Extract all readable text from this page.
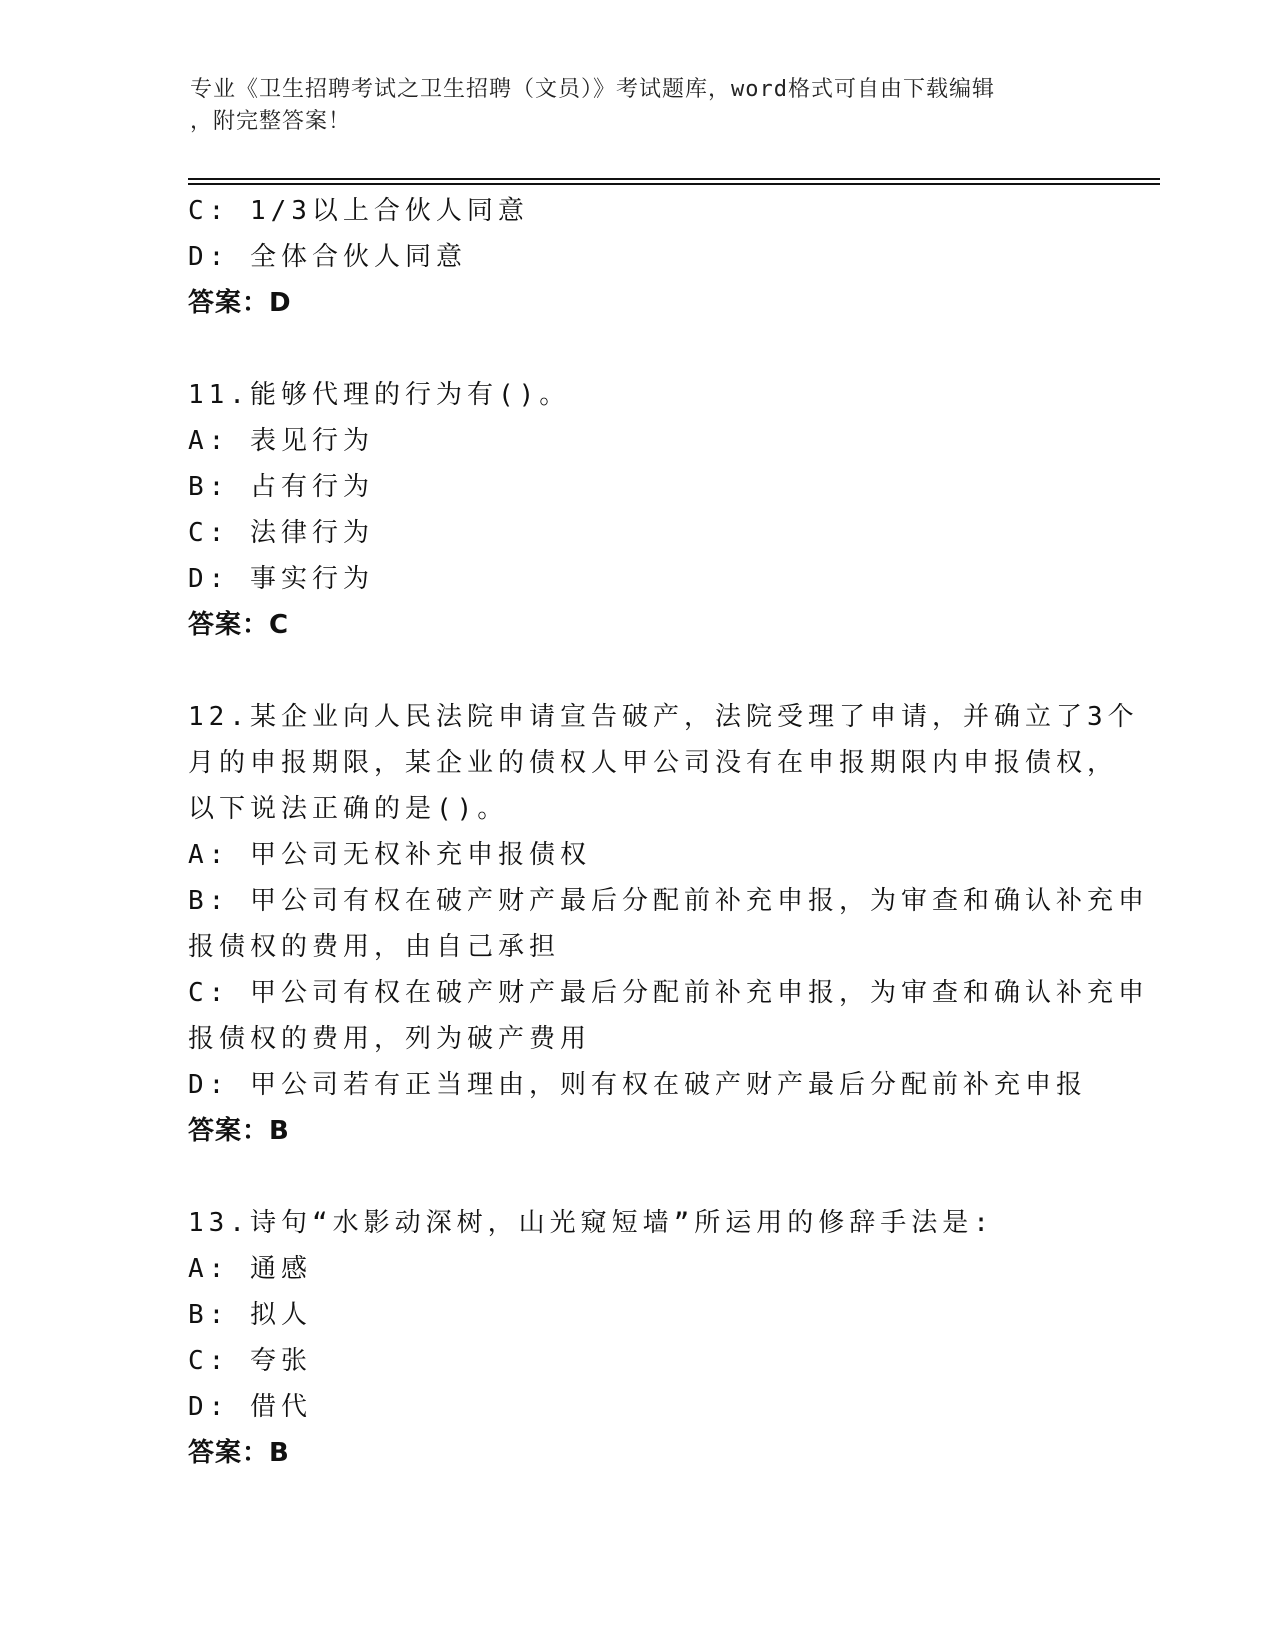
专业《卫生招聘考试之卫生招聘（文员）》考试题库，word格式可自由下载编辑
，附完整答案！
C: 1/3以上合伙人同意
D: 全体合伙人同意
答案：D
11.能够代理的行为有()。
A: 表见行为
B: 占有行为
C: 法律行为
D: 事实行为
答案：C
12.某企业向人民法院申请宣告破产，法院受理了申请，并确立了3个
月的申报期限，某企业的债权人甲公司没有在申报期限内申报债权，
以下说法正确的是()。
A: 甲公司无权补充申报债权
B: 甲公司有权在破产财产最后分配前补充申报，为审查和确认补充申
报债权的费用，由自己承担
C: 甲公司有权在破产财产最后分配前补充申报，为审查和确认补充申
报债权的费用，列为破产费用
D: 甲公司若有正当理由，则有权在破产财产最后分配前补充申报
答案：B
13.诗句“水影动深树，山光窥短墙”所运用的修辞手法是:
A: 通感
B: 拟人
C: 夸张
D: 借代
答案：B
